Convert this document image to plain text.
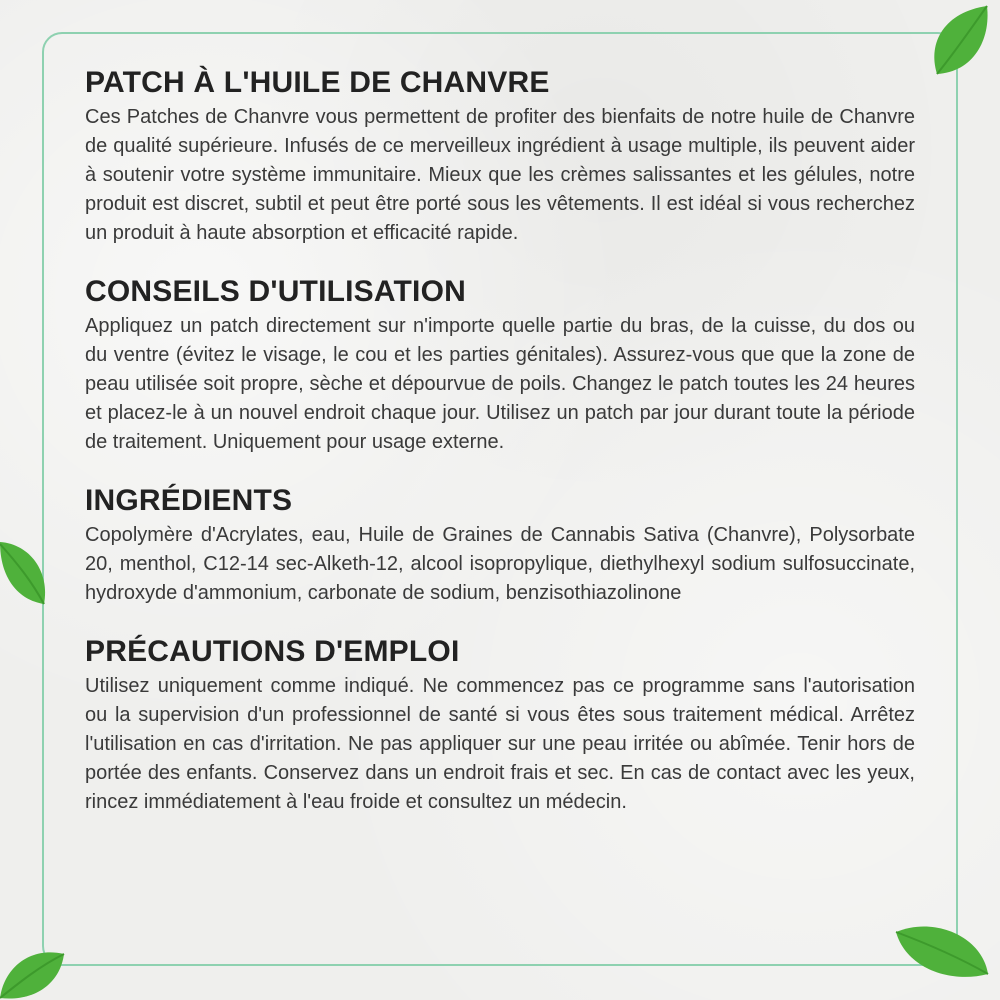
PATCH À L'HUILE DE CHANVRE

Ces Patches de Chanvre vous permettent de profiter des bienfaits de notre huile de Chanvre de qualité supérieure. Infusés de ce merveilleux ingrédient à usage multiple, ils peuvent aider à soutenir votre système immunitaire. Mieux que les crèmes salissantes et les gélules, notre produit est discret, subtil et peut être porté sous les vêtements. Il est idéal si vous recherchez un produit à haute absorption et efficacité rapide.

CONSEILS D'UTILISATION

Appliquez un patch directement sur n'importe quelle partie du bras, de la cuisse, du dos ou du ventre (évitez le visage, le cou et les parties génitales). Assurez-vous que que la zone de peau utilisée soit propre, sèche et dépourvue de poils. Changez le patch toutes les 24 heures et placez-le à un nouvel endroit chaque jour. Utilisez un patch par jour durant toute la période de traitement. Uniquement pour usage externe.

INGRÉDIENTS

Copolymère d'Acrylates, eau, Huile de Graines de Cannabis Sativa (Chanvre), Polysorbate 20, menthol, C12-14 sec-Alketh-12, alcool isopropylique, diethylhexyl sodium sulfosuccinate, hydroxyde d'ammonium, carbonate de sodium, benzisothiazolinone

PRÉCAUTIONS D'EMPLOI

Utilisez uniquement comme indiqué. Ne commencez pas ce programme sans l'autorisation ou la supervision d'un professionnel de santé si vous êtes sous traitement médical. Arrêtez l'utilisation en cas d'irritation. Ne pas appliquer sur une peau irritée ou abîmée. Tenir hors de portée des enfants. Conservez dans un endroit frais et sec. En cas de contact avec les yeux, rincez immédiatement à l'eau froide et consultez un médecin.
